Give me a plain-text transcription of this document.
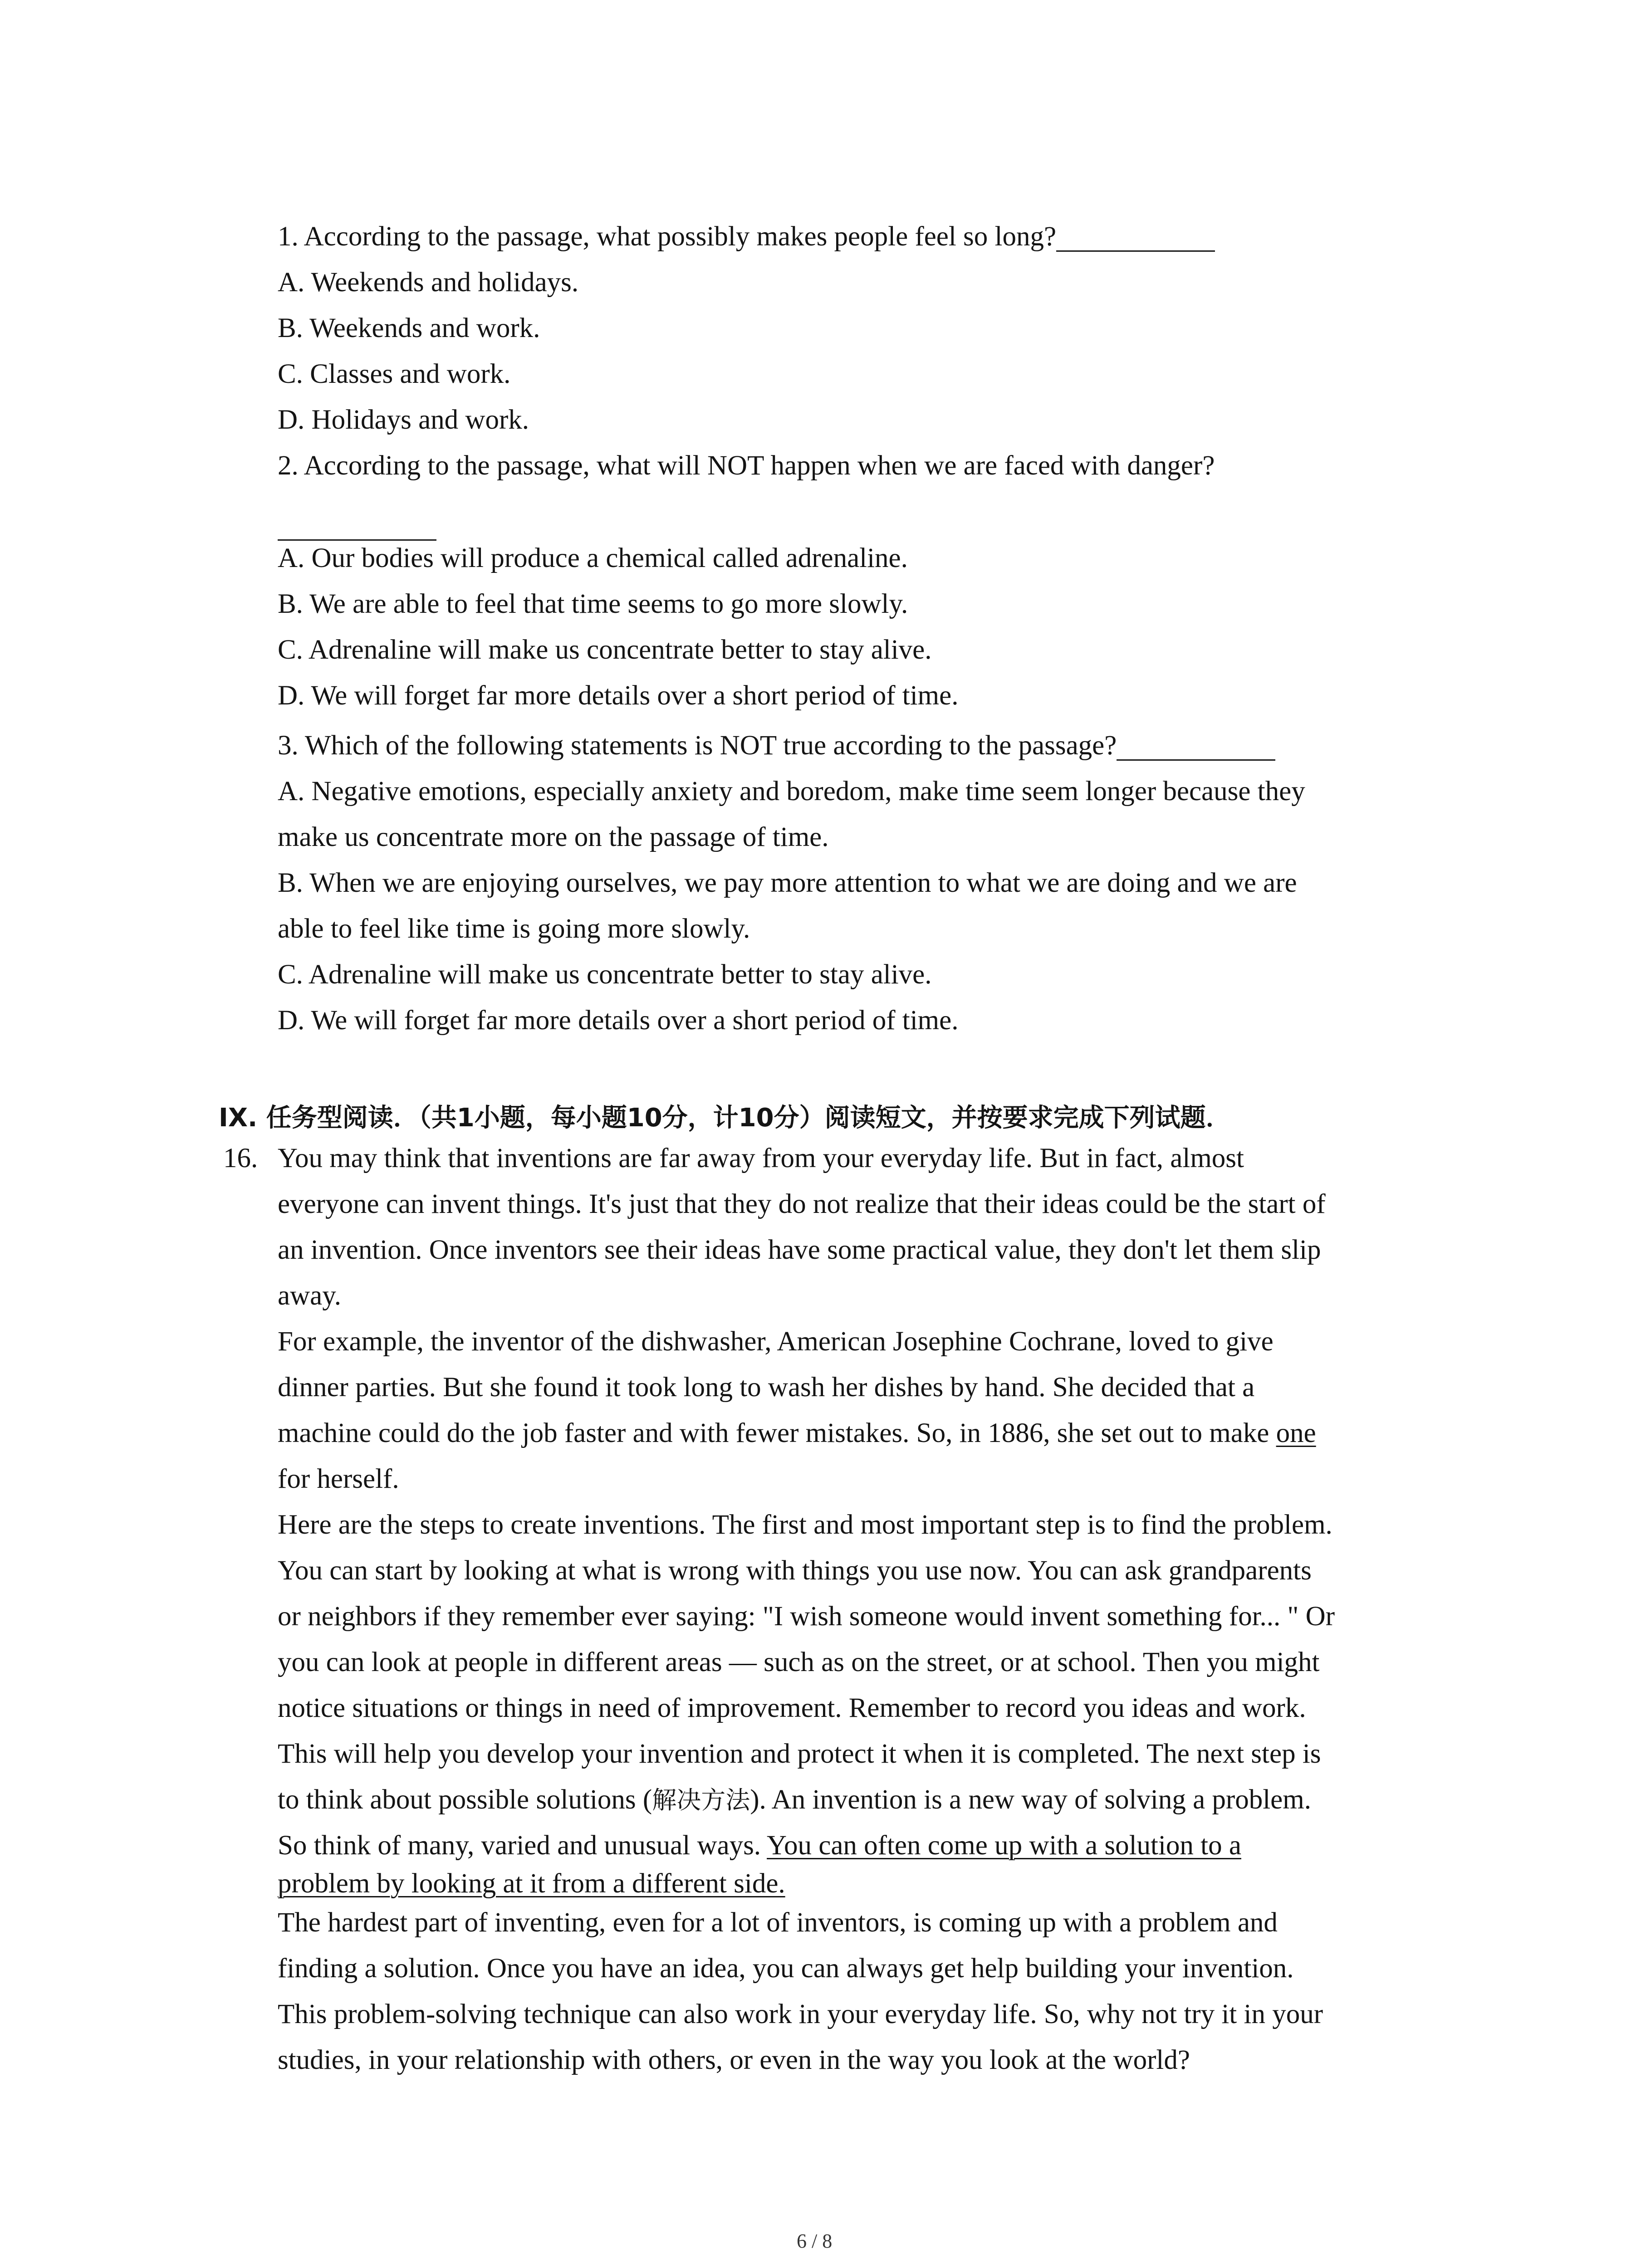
1. According to the passage, what possibly makes people feel so long?
A. Weekends and holidays.
B. Weekends and work.
C. Classes and work.
D. Holidays and work.
2. According to the passage, what will NOT happen when we are faced with danger?
A. Our bodies will produce a chemical called adrenaline.
B. We are able to feel that time seems to go more slowly.
C. Adrenaline will make us concentrate better to stay alive.
D. We will forget far more details over a short period of time.
3. Which of the following statements is NOT true according to the passage?
A. Negative emotions, especially anxiety and boredom, make time seem longer because they
make us concentrate more on the passage of time.
B. When we are enjoying ourselves, we pay more attention to what we are doing and we are
able to feel like time is going more slowly.
C. Adrenaline will make us concentrate better to stay alive.
D. We will forget far more details over a short period of time.
IX. 任务型阅读．（共1小题，每小题10分，计10分）阅读短文，并按要求完成下列试题．
16. You may think that inventions are far away from your everyday life. But in fact, almost
everyone can invent things. It's just that they do not realize that their ideas could be the start of
an invention. Once inventors see their ideas have some practical value, they don't let them slip
away.
For example, the inventor of the dishwasher, American Josephine Cochrane, loved to give
dinner parties. But she found it took long to wash her dishes by hand. She decided that a
machine could do the job faster and with fewer mistakes. So, in 1886, she set out to make one
for herself.
Here are the steps to create inventions. The first and most important step is to find the problem.
You can start by looking at what is wrong with things you use now. You can ask grandparents
or neighbors if they remember ever saying: "I wish someone would invent something for... " Or
you can look at people in different areas — such as on the street, or at school. Then you might
notice situations or things in need of improvement. Remember to record you ideas and work.
This will help you develop your invention and protect it when it is completed. The next step is
to think about possible solutions (解决方法). An invention is a new way of solving a problem.
So think of many, varied and unusual ways. You can often come up with a solution to a
problem by looking at it from a different side.
The hardest part of inventing, even for a lot of inventors, is coming up with a problem and
finding a solution. Once you have an idea, you can always get help building your invention.
This problem-solving technique can also work in your everyday life. So, why not try it in your
studies, in your relationship with others, or even in the way you look at the world?
6 / 8
